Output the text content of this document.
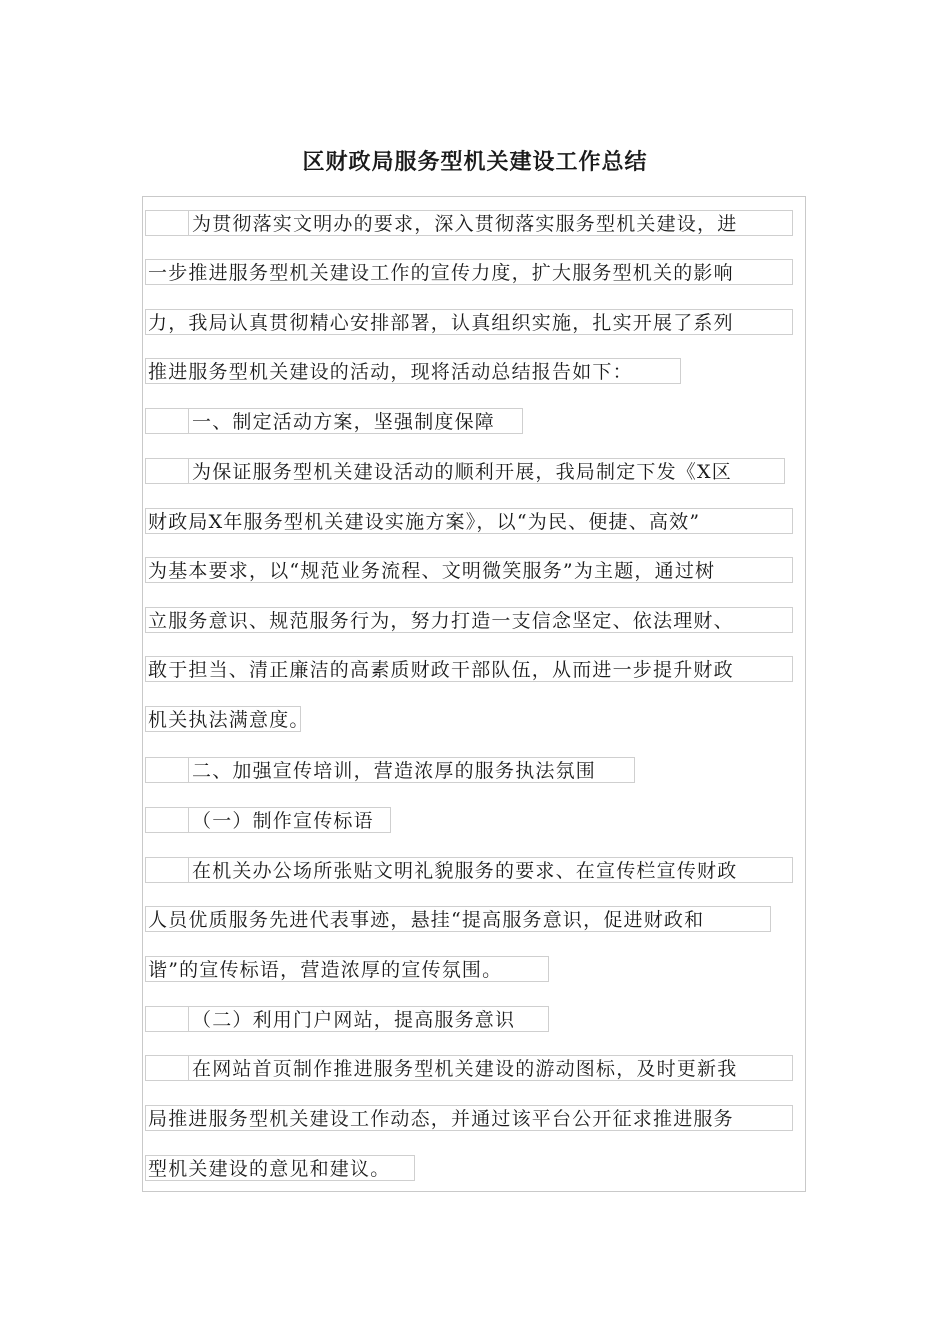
区财政局服务型机关建设工作总结
为贯彻落实文明办的要求，深入贯彻落实服务型机关建设，进
一步推进服务型机关建设工作的宣传力度，扩大服务型机关的影响
力，我局认真贯彻精心安排部署，认真组织实施，扎实开展了系列
推进服务型机关建设的活动，现将活动总结报告如下：
一、制定活动方案，坚强制度保障
为保证服务型机关建设活动的顺利开展，我局制定下发《X区
财政局X年服务型机关建设实施方案》，以“为民、便捷、高效”
为基本要求，以“规范业务流程、文明微笑服务”为主题，通过树
立服务意识、规范服务行为，努力打造一支信念坚定、依法理财、
敢于担当、清正廉洁的高素质财政干部队伍，从而进一步提升财政
机关执法满意度。
二、加强宣传培训，营造浓厚的服务执法氛围
（一）制作宣传标语
在机关办公场所张贴文明礼貌服务的要求、在宣传栏宣传财政
人员优质服务先进代表事迹，悬挂“提高服务意识，促进财政和
谐”的宣传标语，营造浓厚的宣传氛围。
（二）利用门户网站，提高服务意识
在网站首页制作推进服务型机关建设的游动图标，及时更新我
局推进服务型机关建设工作动态，并通过该平台公开征求推进服务
型机关建设的意见和建议。
